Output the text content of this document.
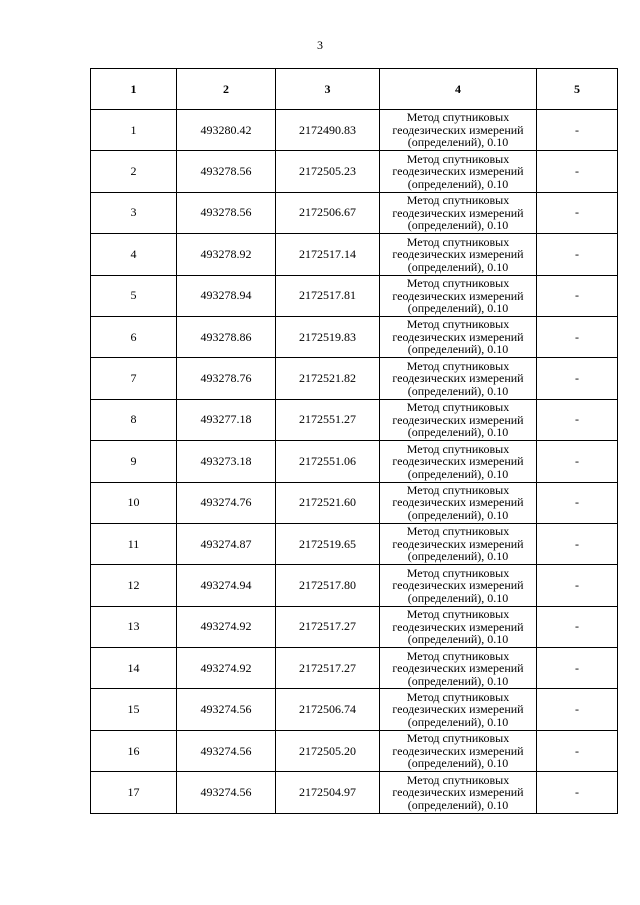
3
1	2	3	4	5
1	493280.42	2172490.83	Метод спутниковых
геодезических измерений
(определений), 0.10	-
2	493278.56	2172505.23	Метод спутниковых
геодезических измерений
(определений), 0.10	-
3	493278.56	2172506.67	Метод спутниковых
геодезических измерений
(определений), 0.10	-
4	493278.92	2172517.14	Метод спутниковых
геодезических измерений
(определений), 0.10	-
5	493278.94	2172517.81	Метод спутниковых
геодезических измерений
(определений), 0.10	-
6	493278.86	2172519.83	Метод спутниковых
геодезических измерений
(определений), 0.10	-
7	493278.76	2172521.82	Метод спутниковых
геодезических измерений
(определений), 0.10	-
8	493277.18	2172551.27	Метод спутниковых
геодезических измерений
(определений), 0.10	-
9	493273.18	2172551.06	Метод спутниковых
геодезических измерений
(определений), 0.10	-
10	493274.76	2172521.60	Метод спутниковых
геодезических измерений
(определений), 0.10	-
11	493274.87	2172519.65	Метод спутниковых
геодезических измерений
(определений), 0.10	-
12	493274.94	2172517.80	Метод спутниковых
геодезических измерений
(определений), 0.10	-
13	493274.92	2172517.27	Метод спутниковых
геодезических измерений
(определений), 0.10	-
14	493274.92	2172517.27	Метод спутниковых
геодезических измерений
(определений), 0.10	-
15	493274.56	2172506.74	Метод спутниковых
геодезических измерений
(определений), 0.10	-
16	493274.56	2172505.20	Метод спутниковых
геодезических измерений
(определений), 0.10	-
17	493274.56	2172504.97	Метод спутниковых
геодезических измерений
(определений), 0.10	-
